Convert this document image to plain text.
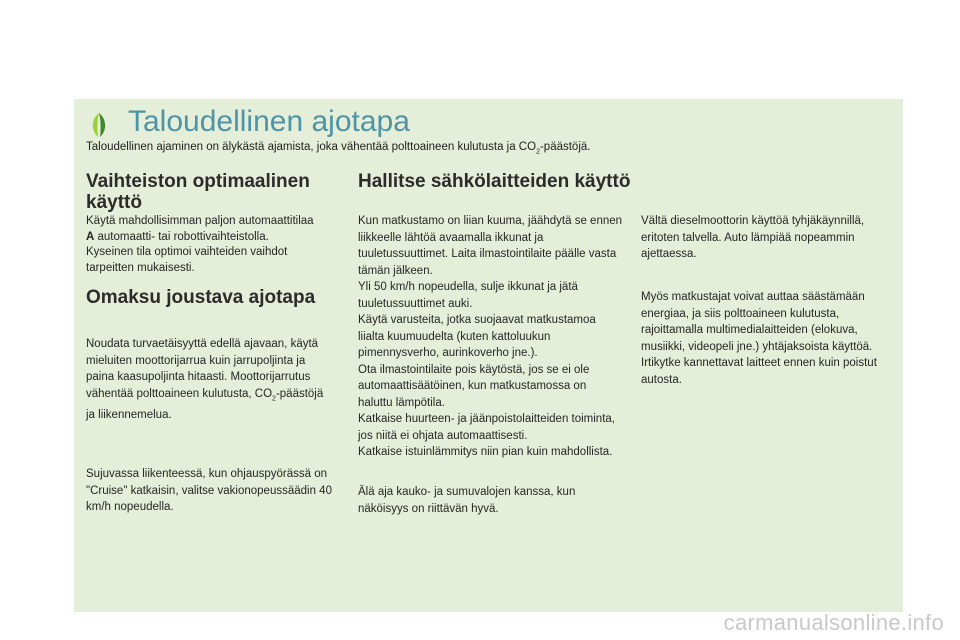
Taloudellinen ajotapa
Taloudellinen ajaminen on älykästä ajamista, joka vähentää polttoaineen kulutusta ja $CO_2$-päästöjä.
Vaihteiston optimaalinen käyttö

Käytä mahdollisimman paljon automaattitilaa A automaatti- tai robottivaihteistolla. Kyseinen tila optimoi vaihteiden vaihdot tarpeitten mukaisesti.

Omaksu joustava ajotapa

Noudata turvaetäisyyttä edellä ajavaan, käytä mieluiten moottorijarrua kuin jarrupoljinta ja paina kaasupoljinta hitaasti. Moottorijarrutus vähentää polttoaineen kulutusta, $CO_2$-päästöjä ja liikennemelua.

Sujuvassa liikenteessä, kun ohjauspyörässä on "Cruise" katkaisin, valitse vakionopeussäädin 40 km/h nopeudella.

Hallitse sähkölaitteiden käyttö

Kun matkustamo on liian kuuma, jäähdytä se ennen liikkeelle lähtöä avaamalla ikkunat ja tuuletussuuttimet. Laita ilmastointilaite päälle vasta tämän jälkeen.
Yli 50 km/h nopeudella, sulje ikkunat ja jätä tuuletussuuttimet auki.
Käytä varusteita, jotka suojaavat matkustamoa liialta kuumuudelta (kuten kattoluukun pimennysverho, aurinkoverho jne.).
Ota ilmastointilaite pois käytöstä, jos se ei ole automaattisäätöinen, kun matkustamossa on haluttu lämpötila.
Katkaise huurteen- ja jäänpoistolaitteiden toiminta, jos niitä ei ohjata automaattisesti.
Katkaise istuinlämmitys niin pian kuin mahdollista.

Älä aja kauko- ja sumuvalojen kanssa, kun näköisyys on riittävän hyvä.

Vältä dieselmoottorin käyttöä tyhjäkäynnillä, eritoten talvella. Auto lämpiää nopeammin ajettaessa.

Myös matkustajat voivat auttaa säästämään energiaa, ja siis polttoaineen kulutusta, rajoittamalla multimedialaitteiden (elokuva, musiikki, videopeli jne.) yhtäjaksoista käyttöä. Irtikytke kannettavat laitteet ennen kuin poistut autosta.

carmanualsonline.info
